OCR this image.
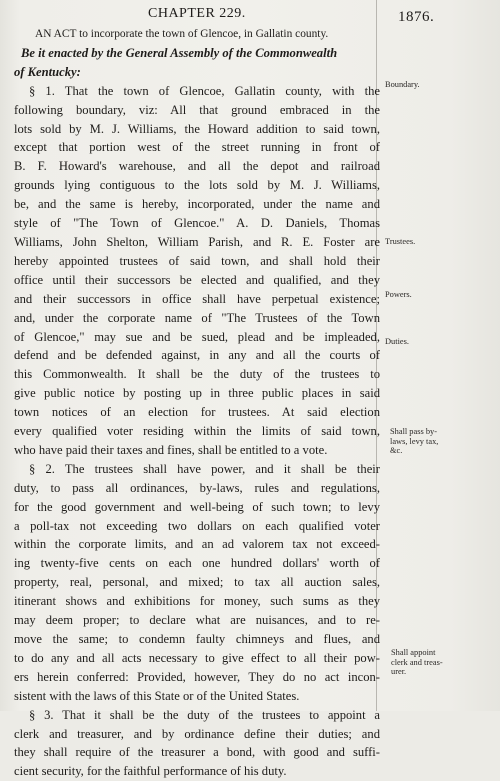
CHAPTER 229.	1876.
AN ACT to incorporate the town of Glencoe, in Gallatin county.
Be it enacted by the General Assembly of the Commonwealth
of Kentucky:
§ 1. That the town of Glencoe, Gallatin county, with the
following boundary, viz: All that ground embraced in the
lots sold by M. J. Williams, the Howard addition to said town,
except that portion west of the street running in front of
B. F. Howard's warehouse, and all the depot and railroad
grounds lying contiguous to the lots sold by M. J. Williams,
be, and the same is hereby, incorporated, under the name and
style of "The Town of Glencoe." A. D. Daniels, Thomas
Williams, John Shelton, William Parish, and R. E. Foster are
hereby appointed trustees of said town, and shall hold their
office until their successors be elected and qualified, and they
and their successors in office shall have perpetual existence;
and, under the corporate name of "The Trustees of the Town
of Glencoe," may sue and be sued, plead and be impleaded,
defend and be defended against, in any and all the courts of
this Commonwealth. It shall be the duty of the trustees to
give public notice by posting up in three public places in said
town notices of an election for trustees. At said election
every qualified voter residing within the limits of said town,
who have paid their taxes and fines, shall be entitled to a vote.
§ 2. The trustees shall have power, and it shall be their
duty, to pass all ordinances, by-laws, rules and regulations,
for the good government and well-being of such town; to levy
a poll-tax not exceeding two dollars on each qualified voter
within the corporate limits, and an ad valorem tax not exceed-
ing twenty-five cents on each one hundred dollars' worth of
property, real, personal, and mixed; to tax all auction sales,
itinerant shows and exhibitions for money, such sums as they
may deem proper; to declare what are nuisances, and to re-
move the same; to condemn faulty chimneys and flues, and
to do any and all acts necessary to give effect to all their pow-
ers herein conferred: Provided, however, They do no act incon-
sistent with the laws of this State or of the United States.
§ 3. That it shall be the duty of the trustees to appoint a
clerk and treasurer, and by ordinance define their duties; and
they shall require of the treasurer a bond, with good and suffi-
cient security, for the faithful performance of his duty.
Boundary.
Trustees.
Powers.
Duties.
Shall pass by-
laws, levy tax,
&c.
Shall appoint
clerk and treas-
urer.
